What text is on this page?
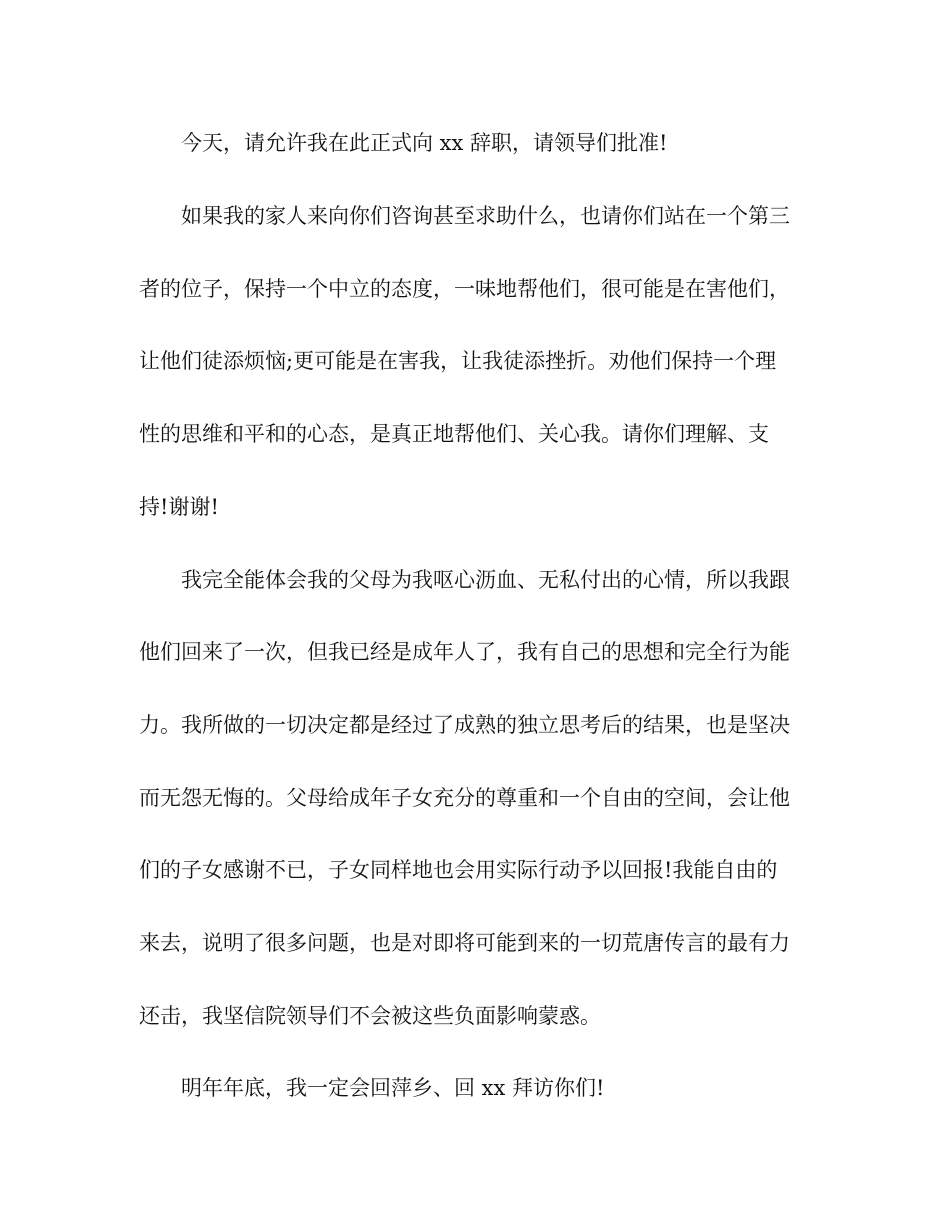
今天，请允许我在此正式向 xx 辞职，请领导们批准!

如果我的家人来向你们咨询甚至求助什么，也请你们站在一个第三

者的位子，保持一个中立的态度，一味地帮他们，很可能是在害他们，

让他们徒添烦恼;更可能是在害我，让我徒添挫折。劝他们保持一个理

性的思维和平和的心态，是真正地帮他们、关心我。请你们理解、支

持!谢谢!

我完全能体会我的父母为我呕心沥血、无私付出的心情，所以我跟

他们回来了一次，但我已经是成年人了，我有自己的思想和完全行为能

力。我所做的一切决定都是经过了成熟的独立思考后的结果，也是坚决

而无怨无悔的。父母给成年子女充分的尊重和一个自由的空间，会让他

们的子女感谢不已，子女同样地也会用实际行动予以回报!我能自由的

来去，说明了很多问题，也是对即将可能到来的一切荒唐传言的最有力

还击，我坚信院领导们不会被这些负面影响蒙惑。

明年年底，我一定会回萍乡、回 xx 拜访你们!
